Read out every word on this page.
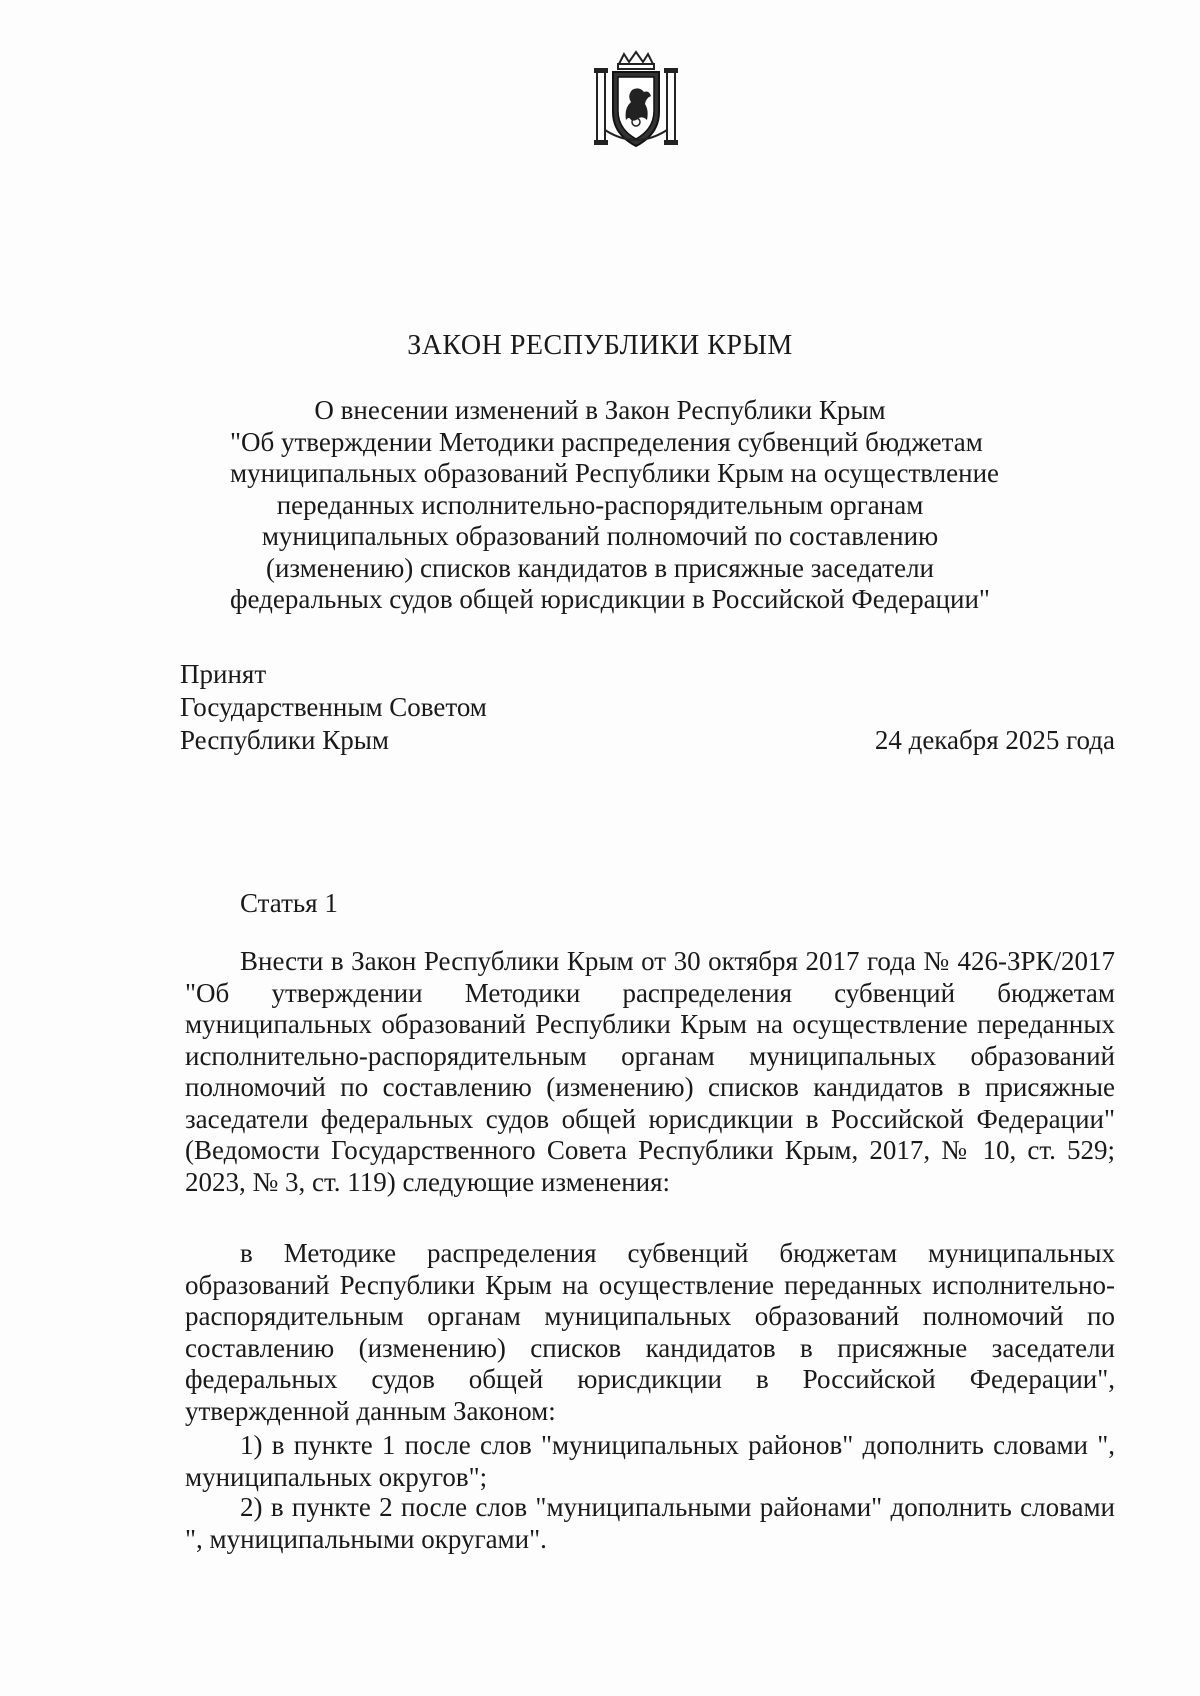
ЗАКОН РЕСПУБЛИКИ КРЫМ
О внесении изменений в Закон Республики Крым
"Об утверждении Методики распределения субвенций бюджетам
муниципальных образований Республики Крым на осуществление
переданных исполнительно-распорядительным органам
муниципальных образований полномочий по составлению
(изменению) списков кандидатов в присяжные заседатели
федеральных судов общей юрисдикции в Российской Федерации"
Принят
Государственным Советом
Республики Крым	24 декабря 2025 года
Статья 1

Внести в Закон Республики Крым от 30 октября 2017 года № 426-ЗРК/2017 "Об утверждении Методики распределения субвенций бюджетам муниципальных образований Республики Крым на осуществление переданных исполнительно-распорядительным органам муниципальных образований полномочий по составлению (изменению) списков кандидатов в присяжные заседатели федеральных судов общей юрисдикции в Российской Федерации" (Ведомости Государственного Совета Республики Крым, 2017, № 10, ст. 529; 2023, № 3, ст. 119) следующие изменения:

в Методике распределения субвенций бюджетам муниципальных образований Республики Крым на осуществление переданных исполнительно-распорядительным органам муниципальных образований полномочий по составлению (изменению) списков кандидатов в присяжные заседатели федеральных судов общей юрисдикции в Российской Федерации", утвержденной данным Законом:

1) в пункте 1 после слов "муниципальных районов" дополнить словами ", муниципальных округов";

2) в пункте 2 после слов "муниципальными районами" дополнить словами ", муниципальными округами".
